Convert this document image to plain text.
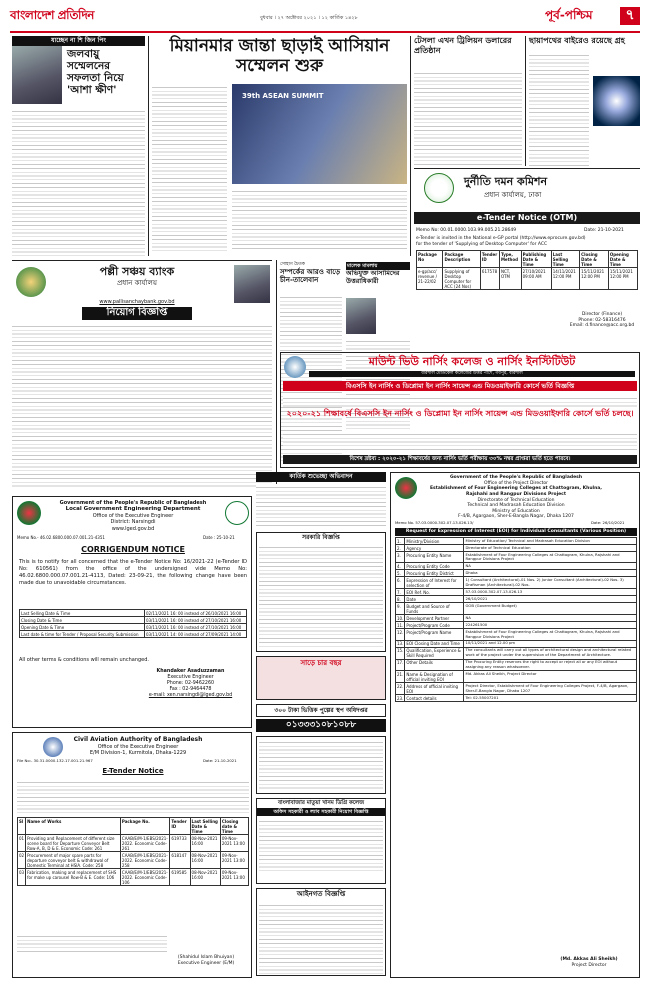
বাংলাদেশ প্রতিদিন	বুধবার । ২৭ অক্টোবর ২০২১ । ১২ কার্তিক ১৪২৮	পূর্ব-পশ্চিম	৭
যাচ্ছেন না শি জিন পিং
জলবায়ু সম্মেলনের সফলতা নিয়ে 'আশা ক্ষীণ'
মিয়ানমার জান্তা ছাড়াই আসিয়ান সম্মেলন শুরু
39th ASEAN SUMMIT
টেসলা এখন ট্রিলিয়ন ডলারের প্রতিষ্ঠান
ছায়াপথের বাইরেও রয়েছে গ্রহ
দুর্নীতি দমন কমিশন
প্রধান কার্যালয়, ঢাকা
e-Tender Notice (OTM)
Memo No: 00.01.0000.103.99.005.21.28649	Date: 21-10-2021
e-Tender is invited in the National e-GP portal (http://www.eprocure.gov.bd)
for the tender of 'Supplying of Desktop Computer' for ACC
Package No	Package Description	Tender ID	Type, Method	Publishing Date & Time	Last Selling Time	Closing Date & Time	Opening Date & Time
e-gp/acc/ revenue / 21-22/02	Supplying of Desktop Computer for ACC (24 Nos)	617578	NCT, OTM	27/10/2021 09:00 AM	14/11/2021 12:00 PM	15/11/2021 12:00 PM	15/11/2021 12:00 PM
Director (Finance)
Phone: 02-58316476
Email: d.finance@acc.org.bd
পল্লী সঞ্চয় ব্যাংক
প্রধান কার্যালয়
www.pallisanchaybank.gov.bd
নিয়োগ বিজ্ঞপ্তি
সোহাগ চৈতক
সম্পর্কের আরও বাড়ে চীন-তালেবান
মালেক মামলায়
অভিযুক্ত আসামিদের উত্তরাধিকারী
মাউন্ট ভিউ নার্সিং কলেজ ও নার্সিং ইনস্টিটিউট
বরিশাল মেডিকেল কলেজের উত্তর পাশে, গর্বপুর, বরিশাল
বিএসসি ইন নার্সিং ও ডিপ্লোমা ইন নার্সিং সায়েন্স এন্ড মিডওয়াইফারি কোর্সে ভর্তি বিজ্ঞপ্তি
২০২০-২১ শিক্ষাবর্ষে বিএসসি ইন নার্সিং ও ডিপ্লোমা ইন নার্সিং সায়েন্স এন্ড মিডওয়াইফারি কোর্সে ভর্তি চলছে।
বিশেষ দ্রষ্টব্য : ২০২০-২১ শিক্ষাবর্ষের জন্য নার্সিং ভর্তি পরীক্ষায় ৩০% নম্বর প্রাপ্তরা ভর্তি হতে পারবে।
Government of the People's Republic of Bangladesh
Local Government Engineering Department
Office of the Executive Engineer
District: Narsingdi
www.lged.gov.bd
Memo No.- 46.02.6800.000.07.001.21-4351	Date : 25-10-21
CORRIGENDUM NOTICE
This is to notify for all concerned that the e-Tender Notice No: 16/2021-22 (e-Tender ID No: 610561) from the office of the undersigned vide Memo No: 46.02.6800.000.07.001.21-4113, Dated: 23-09-21, the following change have been made due to unavoidable circumstances.
Last Selling Date & Time	02/11/2021 16: 00 instead of 26/10/2021 16:00
Closing Date & Time	03/11/2021 16: 00 instead of 27/10/2021 16:00
Opening Date & Time	03/11/2021 16: 00 instead of 27/10/2021 16:00
Last date & time for Tender / Proposal Security Submission	03/11/2021 14: 00 instead of 27/09/2021 14:00
All other terms & conditions will remain unchanged.
Khandaker Asaduzzaman
Executive Engineer
Phone: 02-9462260
Fax : 02-9464478
e-mail: xen.narsingdi@lged.gov.bd
Civil Aviation Authority of Bangladesh
Office of the Executive Engineer
E/M Division-1, Kurmitola, Dhaka-1229
File No:- 30.31.0000.132.17.001.21.967	Date: 21-10-2021
E-Tender Notice
Sl	Name of Works	Package No.	Tender ID	Last Selling Date & Time	Closing date & Time
01	Providing and Replacement of different size scene board for Departure Conveyor Belt Row-A, B, D & E. Economic Code: 261	CAAB/E/M-1/EBS/2021-2022. Economic Code-261	619733	08-Nov-2021 16:00	09-Nov-2021 13:00
02	Procurement of major spare parts for departure conveyor belt & withdrawal of Domestic Terminal at HSIA. Code: 258	CAAB/E/M-1/EBS/2021-2022. Economic Code-258	618147	08-Nov-2021 16:00	09-Nov-2021 13:00
03	Fabrication, making and replacement of SHS for make up carousel Row-B & E. Code: 106	CAAB/E/M-1/EBS/2021-2022. Economic Code-106	619585	08-Nov-2021 16:00	09-Nov-2021 13:00
(Shahidul Islam Bhuiyan)
Executive Engineer (E/M)
কার্তিক শুভেচ্ছা অভিবাদন
সরকারি বিজ্ঞপ্তি
সাড়ে চার বছর
৩০০ টাকা ভিত্তিক পুল্পের স্থপ অধিদপ্তর
০১৩৩৩১০৮১০৮৮
বাংলাবাজার মাতুয়া খানম ডিগ্রি কলেজ
অফিস সহকারী ও ল্যাব সহকারী নিয়োগ বিজ্ঞপ্তি
আইনগত বিজ্ঞপ্তি
Government of the People's Republic of Bangladesh
Office of the Project Director
Establishment of Four Engineering Colleges at Chattogram, Khulna, Rajshahi and Rangpur Divisions Project
Directorate of Technical Education
Technical and Madrasah Education Division
Ministry of Education
F-4/B, Agargaon, Sher-E-Bangla Nagar, Dhaka 1207
Memo No. 57.03.0000.302.07.13.026.13/	Date: 26/10/2021
Request for Expression of Interest (EOI) for Individual Consultants (Various Position)
1.	Ministry/Division	Ministry of Education/ Technical and Madrasah Education Division
2.	Agency	Directorate of Technical Education
3.	Procuring Entity Name	Establishment of Four Engineering Colleges at Chattogram, Khulna, Rajshahi and Rangpur Divisions Project
4.	Procuring Entity Code	NA
5.	Procuring Entity District	Dhaka
6.	Expression of Interest for selection of	1) Consultant (Architectural)-01 Nos. 2) Junior Consultant (Architectural)-02 Nos. 3) Draftsman (Architectural)-02 Nos.
7.	EOI Ref. No.	57.03.0000.302.07.13.026.13
8.	Date	26/10/2021
9.	Budget and Source of Funds	GOB (Government Budget)
10.	Development Partner	NA
11.	Project/Program Code	224261500
12.	Project/Program Name	Establishment of Four Engineering Colleges at Chattogram, Khulna, Rajshahi and Rangpur Divisions Project
13.	EOI Closing Date and Time	10/11/2021 and 12.00 pm
15.	Qualification, Experience & Skill Required	The consultants will carry out all types of architectural design and architectural related work of the project under the supervision of the Department of Architecture.
17.	Other Details	The Procuring Entity reserves the right to accept or reject all or any EOI without assigning any reason whatsoever.
21.	Name & Designation of official inviting EOI	Md. Akkas Ali Sheikh, Project Director
22.	Address of official inviting EOI	Project Director, Establishment of Four Engineering Colleges Project, F-4/B, Agargaon, Sher-E-Bangla Nagar, Dhaka 1207
23.	Contact details	Tel: 02-55007201
(Md. Akkas Ali Sheikh)
Project Director
